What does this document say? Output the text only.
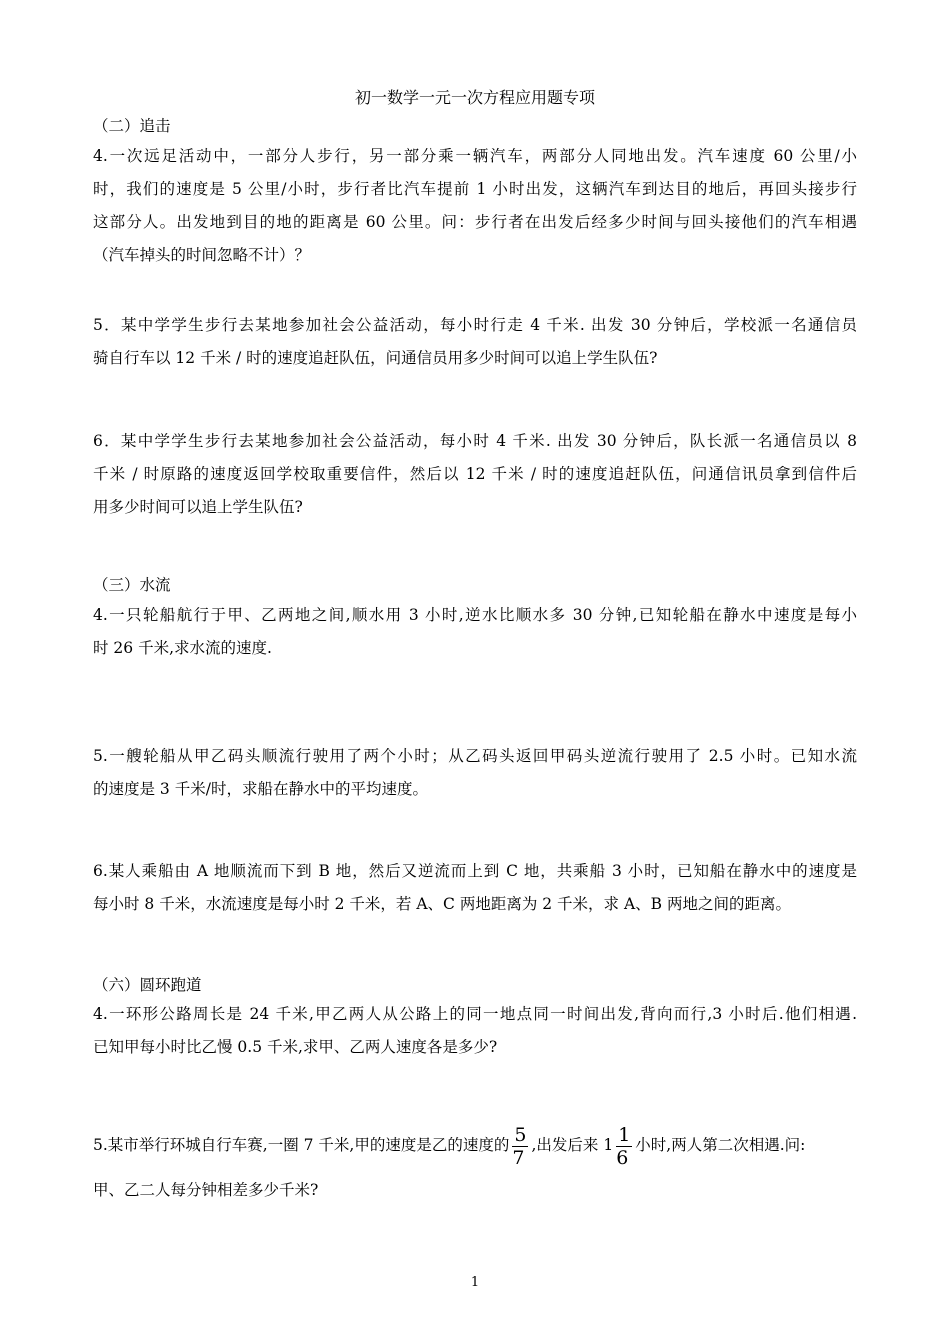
初一数学一元一次方程应用题专项
（二）追击
4.一次远足活动中，一部分人步行，另一部分乘一辆汽车，两部分人同地出发。汽车速度 60 公里/小
时，我们的速度是 5 公里/小时，步行者比汽车提前 1 小时出发，这辆汽车到达目的地后，再回头接步行
这部分人。出发地到目的地的距离是 60 公里。问：步行者在出发后经多少时间与回头接他们的汽车相遇
（汽车掉头的时间忽略不计）？
5．某中学学生步行去某地参加社会公益活动，每小时行走 4 千米. 出发 30 分钟后，学校派一名通信员
骑自行车以 12 千米 / 时的速度追赶队伍，问通信员用多少时间可以追上学生队伍?
6．某中学学生步行去某地参加社会公益活动，每小时 4 千米. 出发 30 分钟后，队长派一名通信员以 8
千米 / 时原路的速度返回学校取重要信件，然后以 12 千米 / 时的速度追赶队伍，问通信讯员拿到信件后
用多少时间可以追上学生队伍?
（三）水流
4.一只轮船航行于甲、乙两地之间,顺水用 3 小时,逆水比顺水多 30 分钟,已知轮船在静水中速度是每小
时 26 千米,求水流的速度.
5.一艘轮船从甲乙码头顺流行驶用了两个小时；从乙码头返回甲码头逆流行驶用了 2.5 小时。已知水流
的速度是 3 千米/时，求船在静水中的平均速度。
6.某人乘船由 A 地顺流而下到 B 地，然后又逆流而上到 C 地，共乘船 3 小时，已知船在静水中的速度是
每小时 8 千米，水流速度是每小时 2 千米，若 A、C 两地距离为 2 千米，求 A、B 两地之间的距离。
（六）圆环跑道
4.一环形公路周长是 24 千米,甲乙两人从公路上的同一地点同一时间出发,背向而行,3 小时后.他们相遇.
已知甲每小时比乙慢 0.5 千米,求甲、乙两人速度各是多少?
5.某市举行环城自行车赛,一圈 7 千米,甲的速度是乙的速度的 $\frac{5}{7}$ ,出发后来 $1 \frac{1}{6}$ 小时,两人第二次相遇.问:
甲、乙二人每分钟相差多少千米?
1
